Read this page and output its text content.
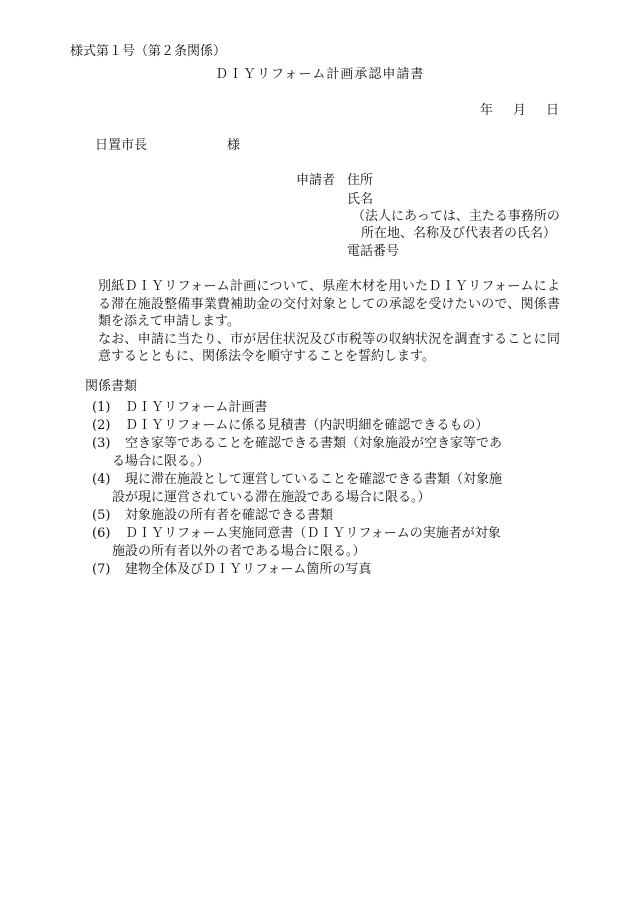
様式第１号（第２条関係）
ＤＩＹリフォーム計画承認申請書
年 月 日
日置市長	様
申請者 住所
氏名
（法人にあっては、主たる事務所の
所在地、名称及び代表者の氏名）
電話番号

別紙ＤＩＹリフォーム計画について、県産木材を用いたＤＩＹリフォームによる滞在施設整備事業費補助金の交付対象としての承認を受けたいので、関係書類を添えて申請します。

なお、申請に当たり、市が居住状況及び市税等の収納状況を調査することに同意するとともに、関係法令を順守することを誓約します。

関係書類
(1) ＤＩＹリフォーム計画書
(2) ＤＩＹリフォームに係る見積書（内訳明細を確認できるもの）
(3) 空き家等であることを確認できる書類（対象施設が空き家等であ
る場合に限る。）
(4) 現に滞在施設として運営していることを確認できる書類（対象施
設が現に運営されている滞在施設である場合に限る。）
(5) 対象施設の所有者を確認できる書類
(6) ＤＩＹリフォーム実施同意書（ＤＩＹリフォームの実施者が対象
施設の所有者以外の者である場合に限る。）
(7) 建物全体及びＤＩＹリフォーム箇所の写真
